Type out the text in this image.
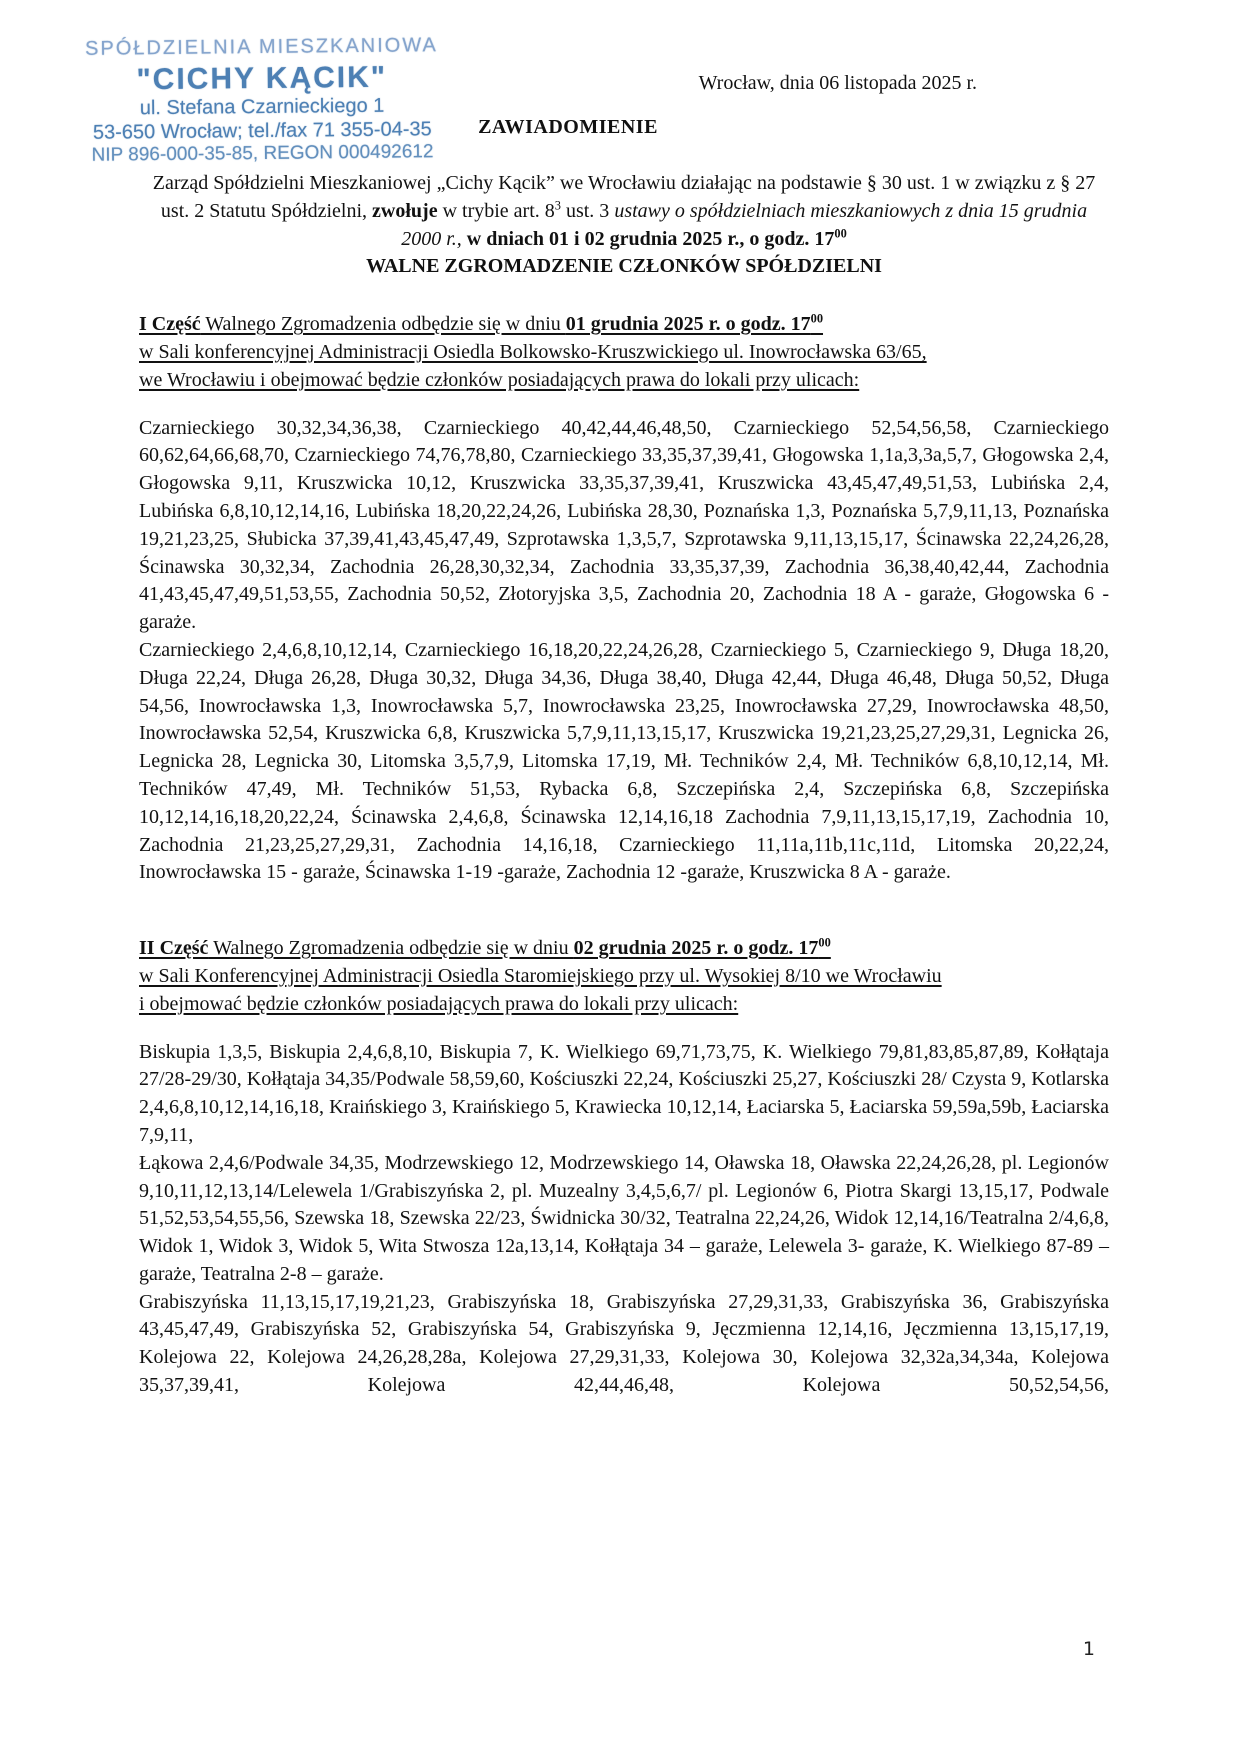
SPÓŁDZIELNIA MIESZKANIOWA
"CICHY KĄCIK"
ul. Stefana Czarnieckiego 1
53-650 Wrocław; tel./fax 71 355-04-35
NIP 896-000-35-85, REGON 000492612
Wrocław, dnia 06 listopada 2025 r.
ZAWIADOMIENIE

Zarząd Spółdzielni Mieszkaniowej „Cichy Kącik” we Wrocławiu działając na podstawie § 30 ust. 1 w związku z § 27 ust. 2 Statutu Spółdzielni, zwołuje w trybie art. $8^3$ ust. 3 ustawy o spółdzielniach mieszkaniowych z dnia 15 grudnia 2000 r., w dniach 01 i 02 grudnia 2025 r., o godz. $17^{00}$

WALNE ZGROMADZENIE CZŁONKÓW SPÓŁDZIELNI

I Część Walnego Zgromadzenia odbędzie się w dniu 01 grudnia 2025 r. o godz. $17^{00}$
w Sali konferencyjnej Administracji Osiedla Bolkowsko-Kruszwickiego ul. Inowrocławska 63/65,
we Wrocławiu i obejmować będzie członków posiadających prawa do lokali przy ulicach:

Czarnieckiego 30,32,34,36,38, Czarnieckiego 40,42,44,46,48,50, Czarnieckiego 52,54,56,58, Czarnieckiego 60,62,64,66,68,70, Czarnieckiego 74,76,78,80, Czarnieckiego 33,35,37,39,41, Głogowska 1,1a,3,3a,5,7, Głogowska 2,4, Głogowska 9,11, Kruszwicka 10,12, Kruszwicka 33,35,37,39,41, Kruszwicka 43,45,47,49,51,53, Lubińska 2,4, Lubińska 6,8,10,12,14,16, Lubińska 18,20,22,24,26, Lubińska 28,30, Poznańska 1,3, Poznańska 5,7,9,11,13, Poznańska 19,21,23,25, Słubicka 37,39,41,43,45,47,49, Szprotawska 1,3,5,7, Szprotawska 9,11,13,15,17, Ścinawska 22,24,26,28, Ścinawska 30,32,34, Zachodnia 26,28,30,32,34, Zachodnia 33,35,37,39, Zachodnia 36,38,40,42,44, Zachodnia 41,43,45,47,49,51,53,55, Zachodnia 50,52, Złotoryjska 3,5, Zachodnia 20, Zachodnia 18 A - garaże, Głogowska 6 - garaże.

Czarnieckiego 2,4,6,8,10,12,14, Czarnieckiego 16,18,20,22,24,26,28, Czarnieckiego 5, Czarnieckiego 9, Długa 18,20, Długa 22,24, Długa 26,28, Długa 30,32, Długa 34,36, Długa 38,40, Długa 42,44, Długa 46,48, Długa 50,52, Długa 54,56, Inowrocławska 1,3, Inowrocławska 5,7, Inowrocławska 23,25, Inowrocławska 27,29, Inowrocławska 48,50, Inowrocławska 52,54, Kruszwicka 6,8, Kruszwicka 5,7,9,11,13,15,17, Kruszwicka 19,21,23,25,27,29,31, Legnicka 26, Legnicka 28, Legnicka 30, Litomska 3,5,7,9, Litomska 17,19, Mł. Techników 2,4, Mł. Techników 6,8,10,12,14, Mł. Techników 47,49, Mł. Techników 51,53, Rybacka 6,8, Szczepińska 2,4, Szczepińska 6,8, Szczepińska 10,12,14,16,18,20,22,24, Ścinawska 2,4,6,8, Ścinawska 12,14,16,18 Zachodnia 7,9,11,13,15,17,19, Zachodnia 10, Zachodnia 21,23,25,27,29,31, Zachodnia 14,16,18, Czarnieckiego 11,11a,11b,11c,11d, Litomska 20,22,24, Inowrocławska 15 - garaże, Ścinawska 1-19 -garaże, Zachodnia 12 -garaże, Kruszwicka 8 A - garaże.

II Część Walnego Zgromadzenia odbędzie się w dniu 02 grudnia 2025 r. o godz. $17^{00}$
w Sali Konferencyjnej Administracji Osiedla Staromiejskiego przy ul. Wysokiej 8/10 we Wrocławiu
i obejmować będzie członków posiadających prawa do lokali przy ulicach:

Biskupia 1,3,5, Biskupia 2,4,6,8,10, Biskupia 7, K. Wielkiego 69,71,73,75, K. Wielkiego 79,81,83,85,87,89, Kołłątaja 27/28-29/30, Kołłątaja 34,35/Podwale 58,59,60, Kościuszki 22,24, Kościuszki 25,27, Kościuszki 28/ Czysta 9, Kotlarska 2,4,6,8,10,12,14,16,18, Kraińskiego 3, Kraińskiego 5, Krawiecka 10,12,14, Łaciarska 5, Łaciarska 59,59a,59b, Łaciarska 7,9,11,

Łąkowa 2,4,6/Podwale 34,35, Modrzewskiego 12, Modrzewskiego 14, Oławska 18, Oławska 22,24,26,28, pl. Legionów 9,10,11,12,13,14/Lelewela 1/Grabiszyńska 2, pl. Muzealny 3,4,5,6,7/ pl. Legionów 6, Piotra Skargi 13,15,17, Podwale 51,52,53,54,55,56, Szewska 18, Szewska 22/23, Świdnicka 30/32, Teatralna 22,24,26, Widok 12,14,16/Teatralna 2/4,6,8, Widok 1, Widok 3, Widok 5, Wita Stwosza 12a,13,14, Kołłątaja 34 – garaże, Lelewela 3- garaże, K. Wielkiego 87-89 – garaże, Teatralna 2-8 – garaże.

Grabiszyńska 11,13,15,17,19,21,23, Grabiszyńska 18, Grabiszyńska 27,29,31,33, Grabiszyńska 36, Grabiszyńska 43,45,47,49, Grabiszyńska 52, Grabiszyńska 54, Grabiszyńska 9, Jęczmienna 12,14,16, Jęczmienna 13,15,17,19, Kolejowa 22, Kolejowa 24,26,28,28a, Kolejowa 27,29,31,33, Kolejowa 30, Kolejowa 32,32a,34,34a, Kolejowa 35,37,39,41, Kolejowa 42,44,46,48, Kolejowa 50,52,54,56,

1
